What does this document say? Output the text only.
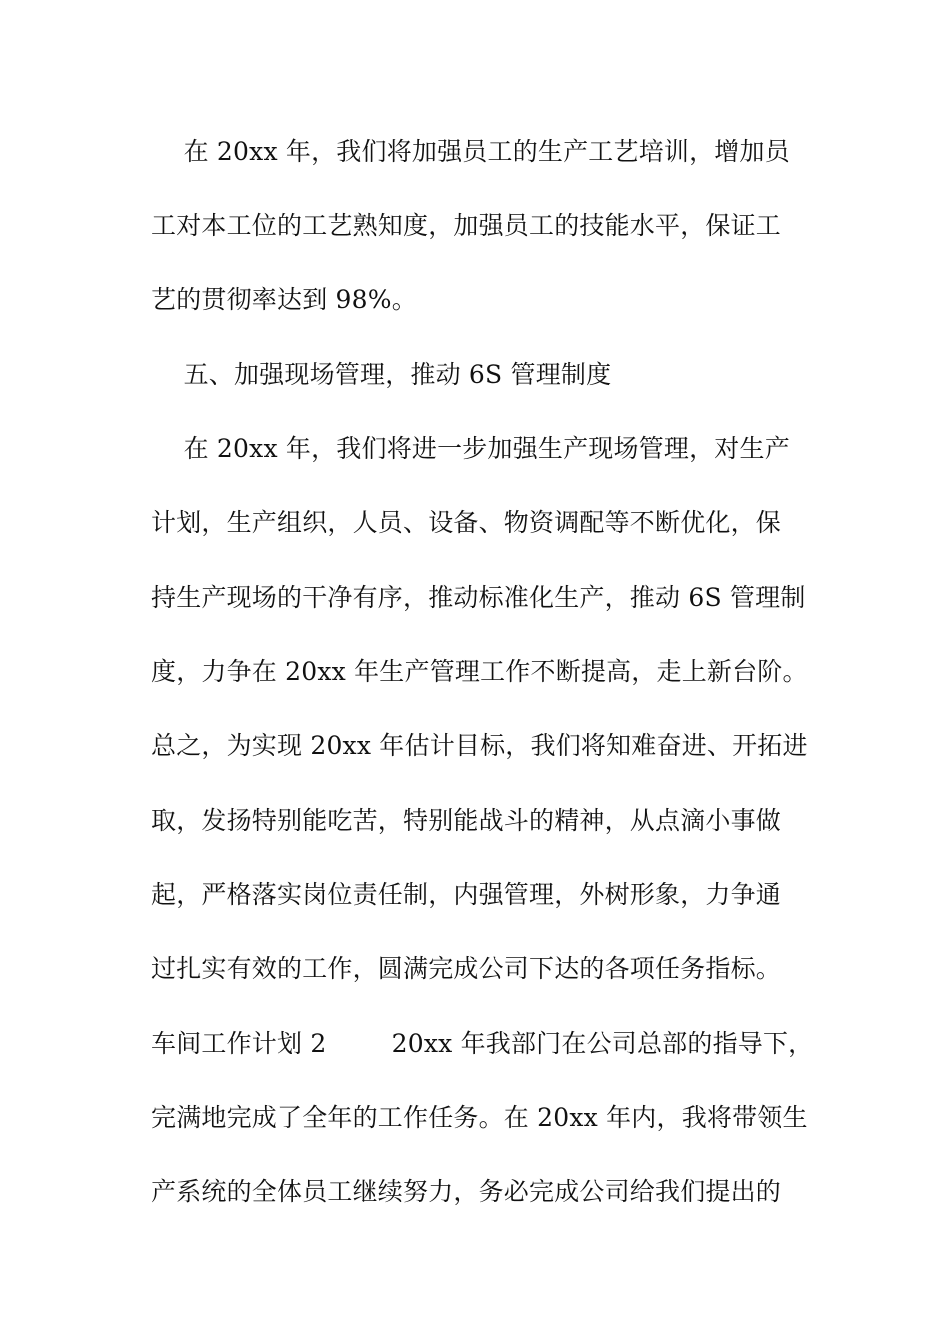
在 20xx 年，我们将加强员工的生产工艺培训，增加员
工对本工位的工艺熟知度，加强员工的技能水平，保证工
艺的贯彻率达到 98%。
五、加强现场管理，推动 6S 管理制度
在 20xx 年，我们将进一步加强生产现场管理，对生产
计划，生产组织，人员、设备、物资调配等不断优化，保
持生产现场的干净有序，推动标准化生产，推动 6S 管理制
度，力争在 20xx 年生产管理工作不断提高，走上新台阶。
总之，为实现 20xx 年估计目标，我们将知难奋进、开拓进
取，发扬特别能吃苦，特别能战斗的精神，从点滴小事做
起，严格落实岗位责任制，内强管理，外树形象，力争通
过扎实有效的工作，圆满完成公司下达的各项任务指标。
车间工作计划 2        20xx 年我部门在公司总部的指导下，
完满地完成了全年的工作任务。在 20xx 年内，我将带领生
产系统的全体员工继续努力，务必完成公司给我们提出的
